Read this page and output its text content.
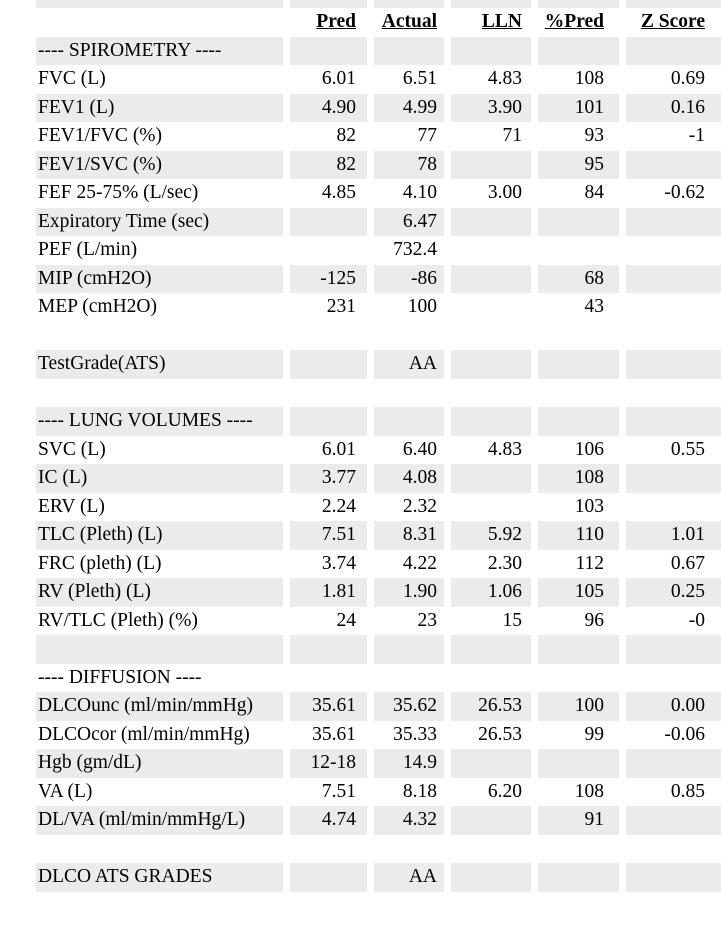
	Pred	Actual	LLN	%Pred	Z Score
---- SPIROMETRY ----					
FVC (L)	6.01	6.51	4.83	108	0.69
FEV1 (L)	4.90	4.99	3.90	101	0.16
FEV1/FVC (%)	82	77	71	93	-1
FEV1/SVC (%)	82	78		95	
FEF 25-75% (L/sec)	4.85	4.10	3.00	84	-0.62
Expiratory Time (sec)		6.47			
PEF (L/min)		732.4			
MIP (cmH2O)	-125	-86		68	
MEP (cmH2O)	231	100		43	

TestGrade(ATS)		AA			

---- LUNG VOLUMES ----					
SVC (L)	6.01	6.40	4.83	106	0.55
IC (L)	3.77	4.08		108	
ERV (L)	2.24	2.32		103	
TLC (Pleth) (L)	7.51	8.31	5.92	110	1.01
FRC (pleth) (L)	3.74	4.22	2.30	112	0.67
RV (Pleth) (L)	1.81	1.90	1.06	105	0.25
RV/TLC (Pleth) (%)	24	23	15	96	-0

---- DIFFUSION ----					
DLCOunc (ml/min/mmHg)	35.61	35.62	26.53	100	0.00
DLCOcor (ml/min/mmHg)	35.61	35.33	26.53	99	-0.06
Hgb (gm/dL)	12-18	14.9			
VA (L)	7.51	8.18	6.20	108	0.85
DL/VA (ml/min/mmHg/L)	4.74	4.32		91	

DLCO ATS GRADES		AA			
